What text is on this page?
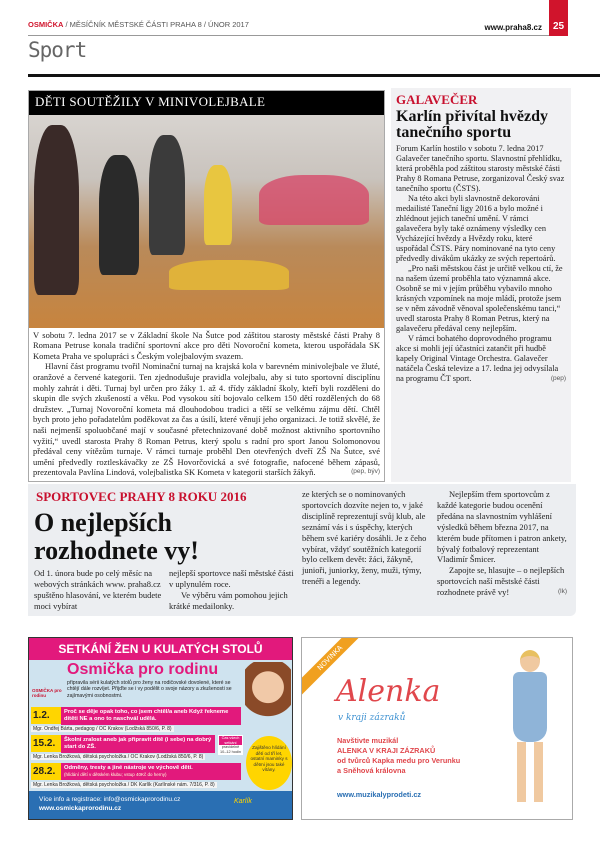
OSMIČKA / MĚSÍČNÍK MĚSTSKÉ ČÁSTI PRAHA 8 / ÚNOR 2017	www.praha8.cz	25
Sport
DĚTI SOUTĚŽILY V MINIVOLEJBALE

V sobotu 7. ledna 2017 se v Základní škole Na Šutce pod záštitou starosty městské části Prahy 8 Romana Petruse konala tradiční sportovní akce pro děti Novoroční kometa, kterou uspořádala SK Kometa Praha ve spolupráci s Českým volejbalovým svazem.

Hlavní část programu tvořil Nominační turnaj na krajská kola v barevném minivolejbale ve žluté, oranžové a červené kategorii. Ten zjednodušuje pravidla volejbalu, aby si tuto sportovní disciplínu mohly zahrát i děti. Turnaj byl určen pro žáky 1. až 4. třídy základní školy, kteří byli rozděleni do skupin dle svých zkušeností a věku. Pod vysokou sítí bojovalo celkem 150 dětí rozdělených do 68 družstev. „Turnaj Novoroční kometa má dlouhodobou tradici a těší se velkému zájmu dětí. Chtěl bych proto jeho pořadatelům poděkovat za čas a úsilí, které věnují jeho organizaci. Je totiž skvělé, že naši nejmenší spoluobčané mají v současné přetechnizované době možnost aktivního sportovního vyžití,“ uvedl starosta Prahy 8 Roman Petrus, který spolu s radní pro sport Janou Solomonovou předával ceny vítězům turnaje. V rámci turnaje proběhl Den otevřených dveří ZŠ Na Šutce, své umění předvedly roztleskávačky ze ZŠ Hovorčovická a své fotografie, nafocené během zápasů, prezentovala Pavlína Lindová, volejbalistka SK Kometa v kategorii starších žákyň.	(pep, býv)

GALAVEČER
Karlín přivítal hvězdy tanečního sportu

Forum Karlín hostilo v sobotu 7. ledna 2017 Galavečer tanečního sportu. Slavnostní přehlídku, která proběhla pod záštitou starosty městské části Prahy 8 Romana Petruse, zorganizoval Český svaz tanečního sportu (ČSTS).

Na této akci byli slavnostně dekorováni medailisté Taneční ligy 2016 a bylo možné i zhlédnout jejich taneční umění. V rámci galavečera byly také oznámeny výsledky cen Vycházející hvězdy a Hvězdy roku, které uspořádal ČSTS. Páry nominované na tyto ceny předvedly divákům ukázky ze svých repertoárů.

„Pro naši městskou část je určitě velkou ctí, že na našem území proběhla tato významná akce. Osobně se mi v jejím průběhu vybavilo mnoho krásných vzpomínek na moje mládí, protože jsem se v něm závodně věnoval společenskému tanci,“ uvedl starosta Prahy 8 Roman Petrus, který na galavečeru předával ceny nejlepším.

V rámci bohatého doprovodného programu akce si mohli její účastníci zatančit při hudbě kapely Original Vintage Orchestra. Galavečer natáčela Česká televize a 17. ledna jej odvysílala na programu ČT sport.	(pep)

SPORTOVEC PRAHY 8 ROKU 2016
O nejlepších rozhodnete vy!

Od 1. února bude po celý měsíc na webových stránkách www. praha8.cz spuštěno hlasování, ve kterém budete moci vybírat

nejlepší sportovce naší městské části v uplynulém roce.

Ve výběru vám pomohou jejich krátké medailonky.

ze kterých se o nominovaných sportovcích dozvíte nejen to, v jaké disciplíně reprezentují svůj klub, ale seznámí vás i s úspěchy, kterých během své kariéry dosáhli. Je z čeho vybírat, vždyť soutěžních kategorií bylo celkem devět: žáci, žákyně, junioři, juniorky, ženy, muži, týmy, trenéři a legendy.

Nejlepším třem sportovcům z každé kategorie budou ocenění předána na slavnostním vyhlášení výsledků během března 2017, na kterém bude přítomen i patron ankety, bývalý fotbalový reprezentant Vladimír Šmicer.

Zapojte se, hlasujte – o nejlepších sportovcích naší městské části rozhodnete právě vy!	(lk)

SETKÁNÍ ŽEN U KULATÝCH STOLŮ
OSMIČKA pro rodinu
Osmička pro rodinu
připravila sérii kulatých stolů pro ženy na rodičovské dovolené, které se chtějí dále rozvíjet. Přijďte se i vy podělit o svoje názory a zkušenosti se zajímavými osobnostmi.
1.2.	Proč se děje opak toho, co jsem chtěl/a aneb Když řekneme dítěti NE a ono to naschvál udělá.
Mgr. Ondřej Bárta, pedagog / OC Krakov (Lodžská 850/6, P. 8)
15.2.	Školní zralost aneb jak připravit dítě (i sebe) na dobrý start do ZŠ.
Mgr. Lenka Brožková, dětská psycholožka / OC Krakov (Lodžská 850/6, P. 8)
28.2.	Odměny, tresty a jiné nástroje ve výchově dětí.
(hlídání dětí v dětském klubu; vstup 40Kč do herny)
Mgr. Lenka Brožková, dětská psycholožka / DK Karlík (Karlínské nám. 7/316, P. 8)
Čas všech setkání
pravidelně 10–12 hodin
Zajištěno hlídání dětí od tří let, ostatní maminky s dětmi jsou také vítány.
Více info a registrace: info@osmickaprorodinu.cz
www.osmickaprorodinu.cz
Karlík
NOVINKA
Alenka
v kraji zázraků
Navštivte muzikál
ALENKA V KRAJI ZÁZRAKŮ
od tvůrců Kapka medu pro Verunku
a Sněhová královna
www.muzikalyprodeti.cz
